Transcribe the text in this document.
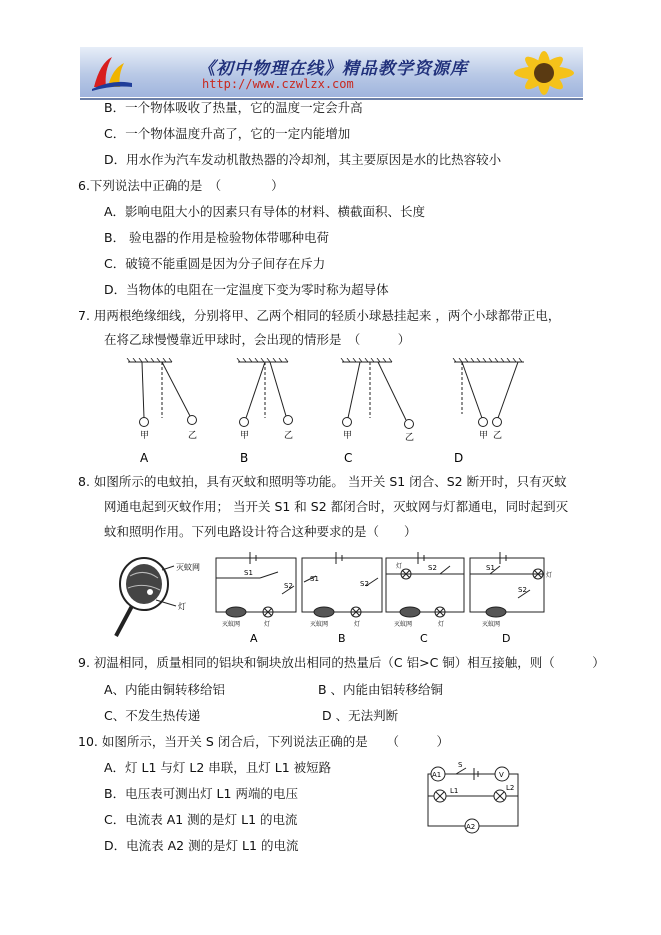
《初中物理在线》精品教学资源库
http://www.czwlzx.com
B．一个物体吸收了热量，它的温度一定会升高
C．一个物体温度升高了，它的一定内能增加
D．用水作为汽车发动机散热器的冷却剂，其主要原因是水的比热容较小
6.下列说法中正确的是　（　　　　）
A．影响电阻大小的因素只有导体的材料、横截面积、长度
B． 验电器的作用是检验物体带哪种电荷
C．破镜不能重圆是因为分子间存在斥力
D．当物体的电阻在一定温度下变为零时称为超导体
7. 用两根绝缘细线，分别将甲、乙两个相同的轻质小球悬挂起来 ，两个小球都带正电，
在将乙球慢慢靠近甲球时，会出现的情形是　（　　　）
甲	乙	甲	乙	甲	乙	甲 乙
A	B	C	D
8. 如图所示的电蚊拍，具有灭蚊和照明等功能。 当开关 S1 闭合、S2 断开时，只有灭蚊
网通电起到灭蚊作用； 当开关 S1 和 S2 都闭合时，灭蚊网与灯都通电，同时起到灭
蚊和照明作用。下列电路设计符合这种要求的是（　　）
灭蚊网
灯
S1
S2
灭蚊网	灯
S1
S2
灭蚊网	灯
灯	S2
灭蚊网	灯
S1
S2
灭蚊网
灯
A	B	C	D
9. 初温相同，质量相同的铝块和铜块放出相同的热量后（C 铝>C 铜）相互接触，则（　　　）
A、内能由铜转移给铝	B 、内能由铝转移给铜
C、不发生热传递	D 、无法判断
10. 如图所示，当开关 S 闭合后，下列说法正确的是　　（　　　）
A．灯 L1 与灯 L2 串联，且灯 L1 被短路
B．电压表可测出灯 L1 两端的电压
C．电流表 A1 测的是灯 L1 的电流
D．电流表 A2 测的是灯 L1 的电流
A1	V
S
L1	L2
A2
